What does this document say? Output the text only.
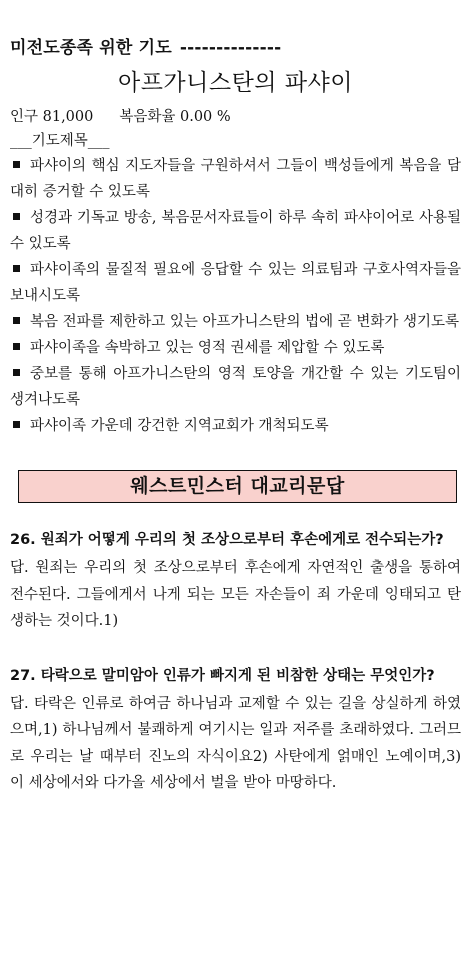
미전도종족 위한 기도 --------------
아프가니스탄의 파샤이
인구 81,000 복음화율 0.00 %
___기도제목___
파샤이의 핵심 지도자들을 구원하셔서 그들이 백성들에게 복음을 담대히 증거할 수 있도록
성경과 기독교 방송, 복음문서자료들이 하루 속히 파샤이어로 사용될 수 있도록
파샤이족의 물질적 필요에 응답할 수 있는 의료팀과 구호사역자들을 보내시도록
복음 전파를 제한하고 있는 아프가니스탄의 법에 곧 변화가 생기도록
파샤이족을 속박하고 있는 영적 권세를 제압할 수 있도록
중보를 통해 아프가니스탄의 영적 토양을 개간할 수 있는 기도팀이 생겨나도록
파샤이족 가운데 강건한 지역교회가 개척되도록
웨스트민스터 대교리문답
26. 원죄가 어떻게 우리의 첫 조상으로부터 후손에게로 전수되는가?
답. 원죄는 우리의 첫 조상으로부터 후손에게 자연적인 출생을 통하여 전수된다. 그들에게서 나게 되는 모든 자손들이 죄 가운데 잉태되고 탄생하는 것이다.1)
27. 타락으로 말미암아 인류가 빠지게 된 비참한 상태는 무엇인가?
답. 타락은 인류로 하여금 하나님과 교제할 수 있는 길을 상실하게 하였으며,1) 하나님께서 불쾌하게 여기시는 일과 저주를 초래하였다. 그러므로 우리는 날 때부터 진노의 자식이요2) 사탄에게 얽매인 노예이며,3) 이 세상에서와 다가올 세상에서 벌을 받아 마땅하다.
